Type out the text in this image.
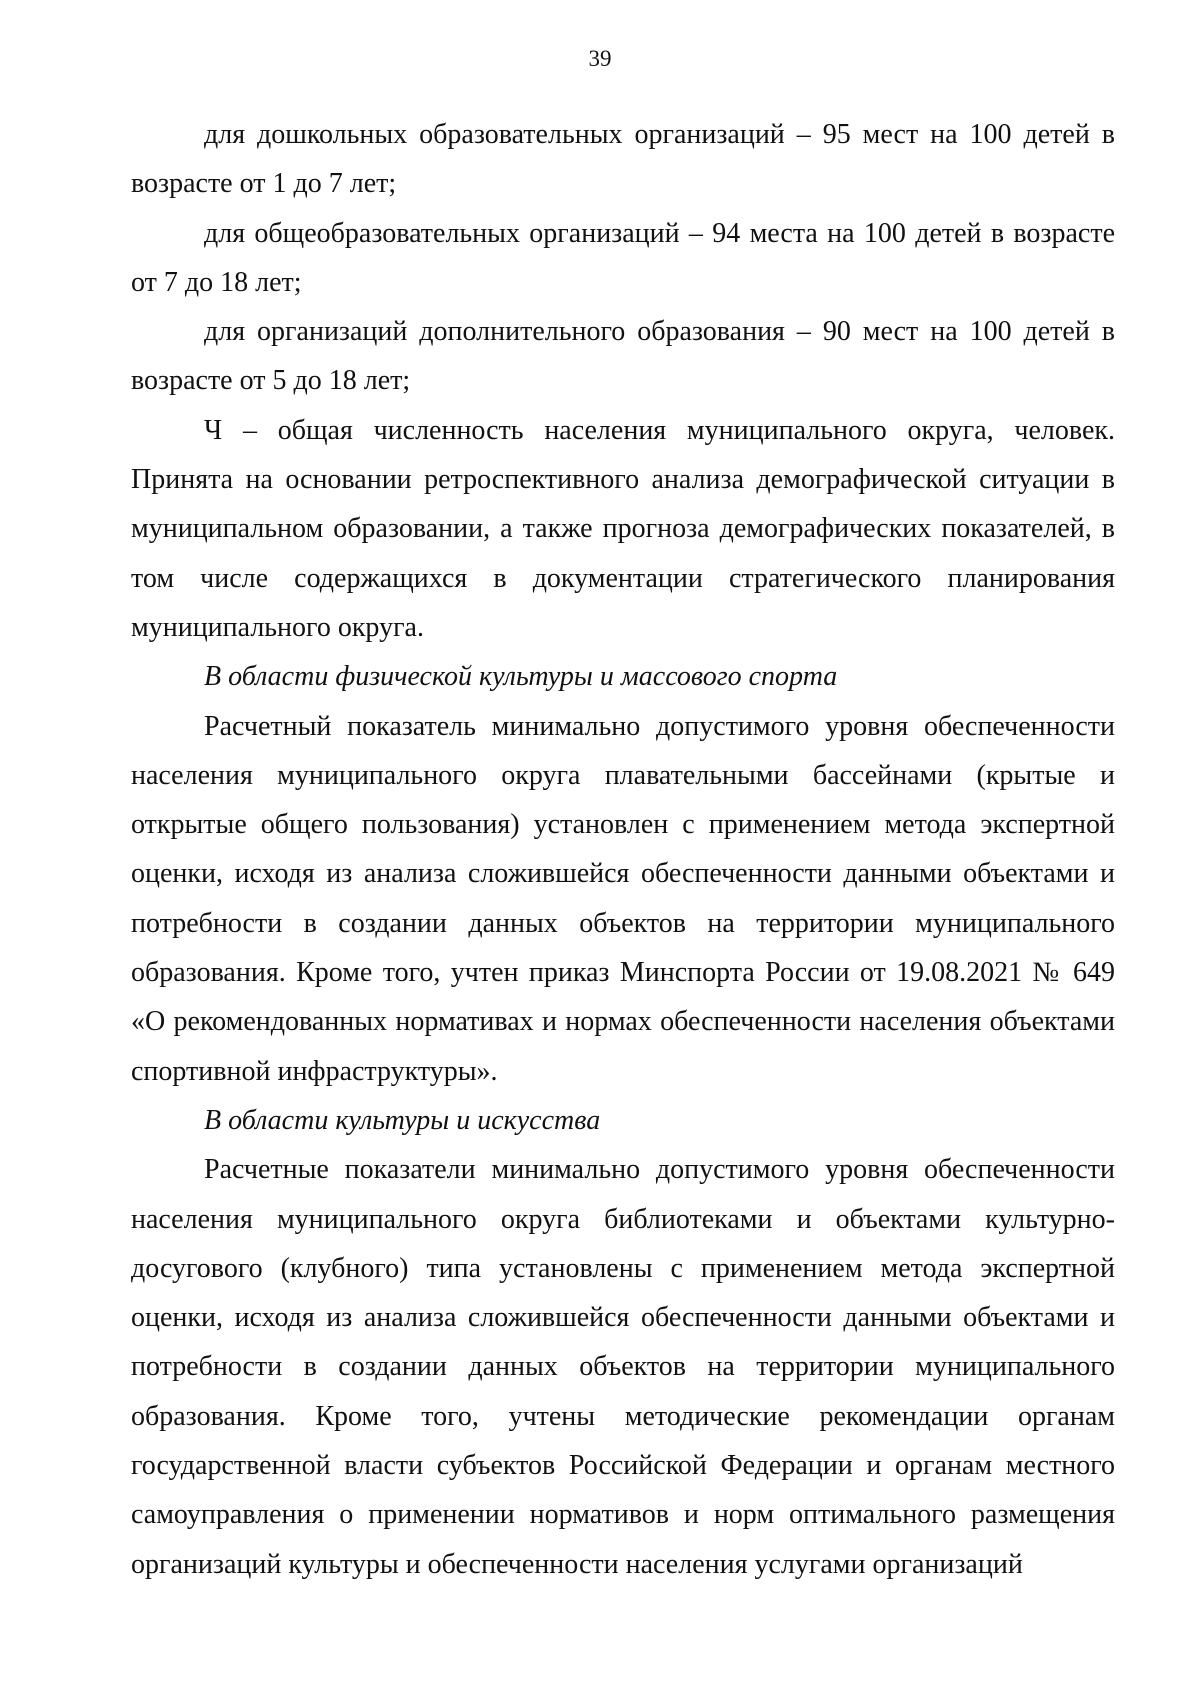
39

для дошкольных образовательных организаций – 95 мест на 100 детей в возрасте от 1 до 7 лет;

для общеобразовательных организаций – 94 места на 100 детей в возрасте от 7 до 18 лет;

для организаций дополнительного образования – 90 мест на 100 детей в возрасте от 5 до 18 лет;

Ч – общая численность населения муниципального округа, человек. Принята на основании ретроспективного анализа демографической ситуации в муниципальном образовании, а также прогноза демографических показателей, в том числе содержащихся в документации стратегического планирования муниципального округа.

В области физической культуры и массового спорта

Расчетный показатель минимально допустимого уровня обеспеченности населения муниципального округа плавательными бассейнами (крытые и открытые общего пользования) установлен с применением метода экспертной оценки, исходя из анализа сложившейся обеспеченности данными объектами и потребности в создании данных объектов на территории муниципального образования. Кроме того, учтен приказ Минспорта России от 19.08.2021 № 649 «О рекомендованных нормативах и нормах обеспеченности населения объектами спортивной инфраструктуры».

В области культуры и искусства

Расчетные показатели минимально допустимого уровня обеспеченности населения муниципального округа библиотеками и объектами культурно-досугового (клубного) типа установлены с применением метода экспертной оценки, исходя из анализа сложившейся обеспеченности данными объектами и потребности в создании данных объектов на территории муниципального образования. Кроме того, учтены методические рекомендации органам государственной власти субъектов Российской Федерации и органам местного самоуправления о применении нормативов и норм оптимального размещения организаций культуры и обеспеченности населения услугами организаций
